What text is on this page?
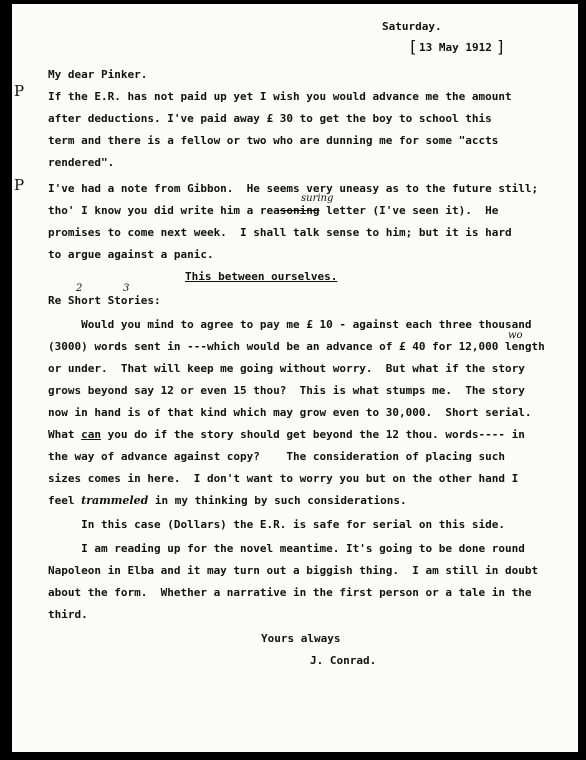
Saturday.
[ 13 May 1912 ]
My dear Pinker.
P If the E.R. has not paid up yet I wish you would advance me the amount
after deductions. I've paid away £ 30 to get the boy to school this
term and there is a fellow or two who are dunning me for some "accts
rendered".
P I've had a note from Gibbon.  He seems very uneasy as to the future still;
suring
tho' I know you did write him a reasoning letter (I've seen it).  He
promises to come next week.  I shall talk sense to him; but it is hard
to argue against a panic.
This between ourselves.
2	3
Re Short Stories:
Would you mind to agree to pay me £ 10 - against each three thousand
wo
(3000) words sent in ---which would be an advance of £ 40 for 12,000 length
or under.  That will keep me going without worry.  But what if the story
grows beyond say 12 or even 15 thou?  This is what stumps me.  The story
now in hand is of that kind which may grow even to 30,000.  Short serial.
What can you do if the story should get beyond the 12 thou. words---- in
the way of advance against copy?    The consideration of placing such
sizes comes in here.  I don't want to worry you but on the other hand I
feel trammeled in my thinking by such considerations.
In this case (Dollars) the E.R. is safe for serial on this side.
I am reading up for the novel meantime. It's going to be done round
Napoleon in Elba and it may turn out a biggish thing.  I am still in doubt
about the form.  Whether a narrative in the first person or a tale in the
third.
Yours always
J. Conrad.
